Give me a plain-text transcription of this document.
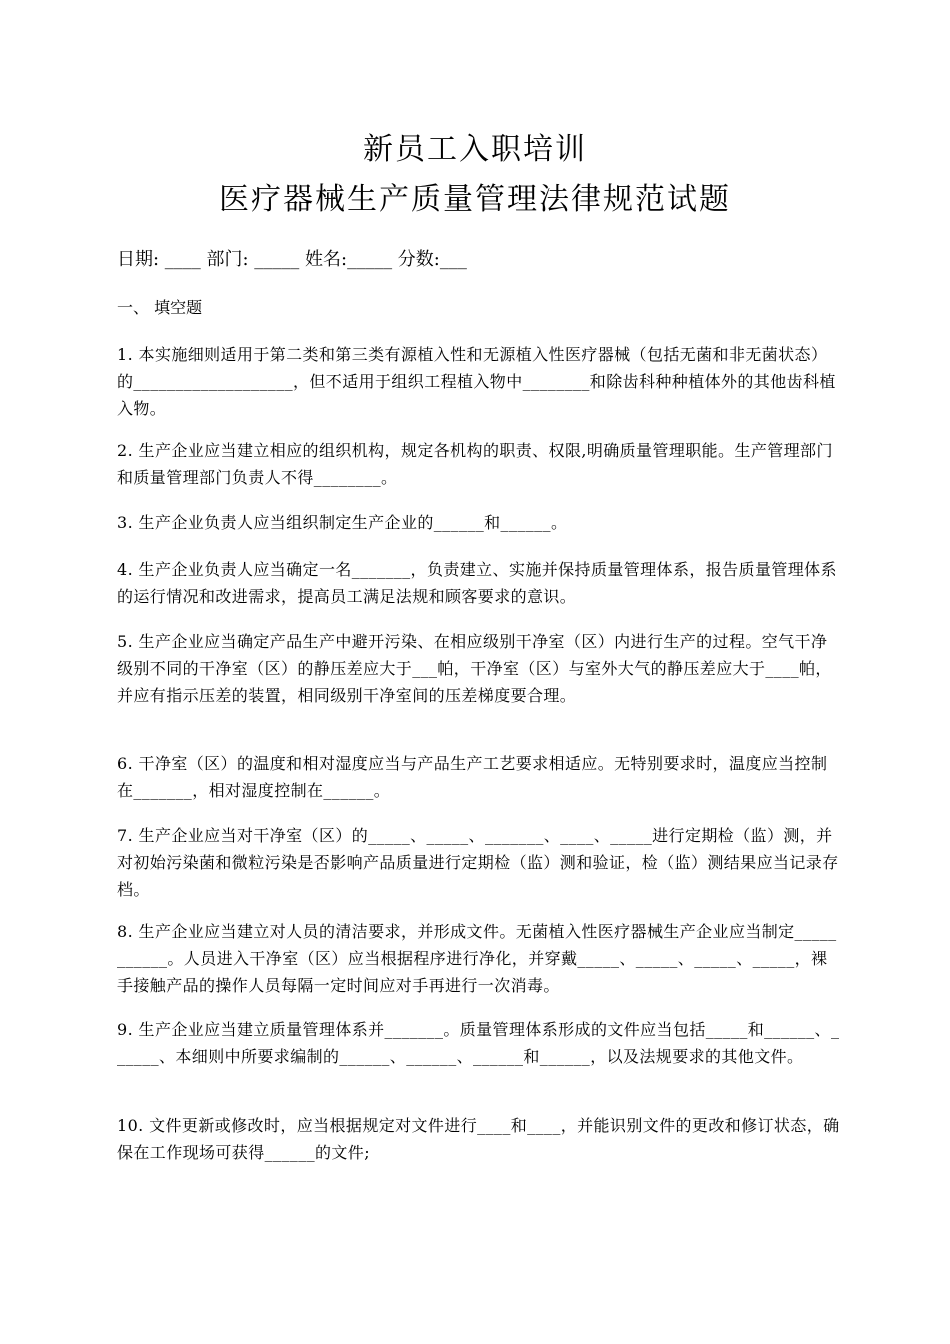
新员工入职培训
医疗器械生产质量管理法律规范试题
日期: ____ 部门: _____ 姓名:_____ 分数:___
一、 填空题
1. 本实施细则适用于第二类和第三类有源植入性和无源植入性医疗器械（包括无菌和非无菌状态）的___________________，但不适用于组织工程植入物中________和除齿科种种植体外的其他齿科植入物。
2. 生产企业应当建立相应的组织机构，规定各机构的职责、权限,明确质量管理职能。生产管理部门和质量管理部门负责人不得________。
3. 生产企业负责人应当组织制定生产企业的______和______。
4. 生产企业负责人应当确定一名_______，负责建立、实施并保持质量管理体系，报告质量管理体系的运行情况和改进需求，提高员工满足法规和顾客要求的意识。
5. 生产企业应当确定产品生产中避开污染、在相应级别干净室（区）内进行生产的过程。空气干净级别不同的干净室（区）的静压差应大于___帕，干净室（区）与室外大气的静压差应大于____帕，并应有指示压差的装置，相同级别干净室间的压差梯度要合理。
6. 干净室（区）的温度和相对湿度应当与产品生产工艺要求相适应。无特别要求时，温度应当控制在_______，相对湿度控制在______。
7. 生产企业应当对干净室（区）的_____、_____、_______、____、_____进行定期检（监）测，并对初始污染菌和微粒污染是否影响产品质量进行定期检（监）测和验证，检（监）测结果应当记录存档。
8. 生产企业应当建立对人员的清洁要求，并形成文件。无菌植入性医疗器械生产企业应当制定___________。人员进入干净室（区）应当根据程序进行净化，并穿戴_____、_____、_____、_____，裸手接触产品的操作人员每隔一定时间应对手再进行一次消毒。
9. 生产企业应当建立质量管理体系并_______。质量管理体系形成的文件应当包括_____和______、______、本细则中所要求编制的______、______、______和______，以及法规要求的其他文件。
10. 文件更新或修改时，应当根据规定对文件进行____和____，并能识别文件的更改和修订状态，确保在工作现场可获得______的文件;
